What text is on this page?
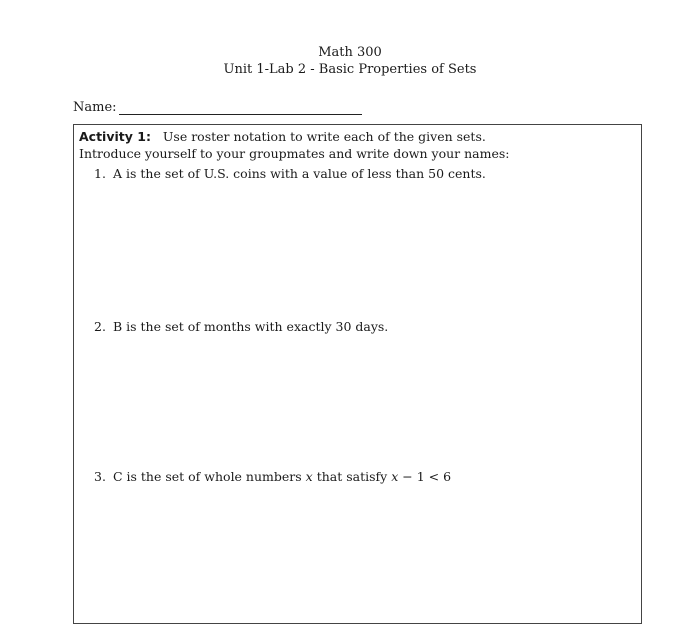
Math 300
Unit 1-Lab 2 - Basic Properties of Sets
Name:
Activity 1: Use roster notation to write each of the given sets.
Introduce yourself to your groupmates and write down your names:
1. A is the set of U.S. coins with a value of less than 50 cents.
2. B is the set of months with exactly 30 days.
3. C is the set of whole numbers x that satisfy x − 1 < 6
